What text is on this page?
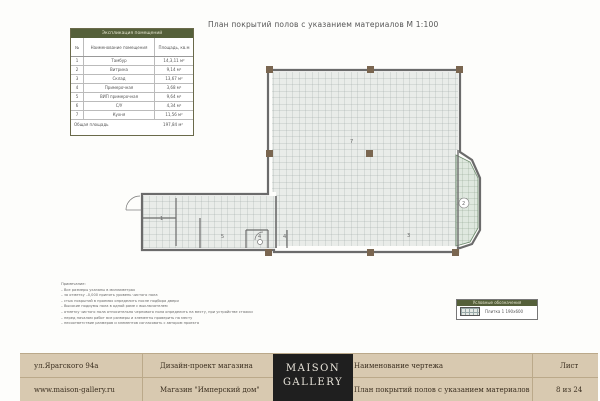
Экспликация помещений
№	Наименование помещения	Площадь, кв.м
1	Тамбур	14,3,11 м²
2	Витрина	9,14 м²
3	Склад	13,67 м²
4	Примерочная	3,68 м²
5	ВИП примерочная	9,64 м²
6	С/У	4,34 м²
7	Кухня	11,56 м²
Общая площадь	197,84 м²
План покрытий полов с указанием материалов М 1:100
7
1
3
5	4	4
2
Примечание:
– Все размеры указаны в миллиметрах
– за отметку –0,000 принять уровень чистого пола
– стык покрытий в проемах определить после подбора двери
– Высокие подиумы пола в одной раме с выключателем
– отметку чистого пола относительно чернового пола определить на месту, при устройстве стяжки
– перед началом работ все размеры и элементы проверить на месту
– несоответствие размеров и элементов согласовать с автором проекта
Условные обозначения
Плитка 1 190х600
ул.Ярагского 94а
www.maison-gallery.ru
Дизайн-проект магазина
Магазин "Имперский дом"
MAISON
GALLERY
Наименование чертежа
План покрытий полов с указанием материалов
Лист
8 из 24
